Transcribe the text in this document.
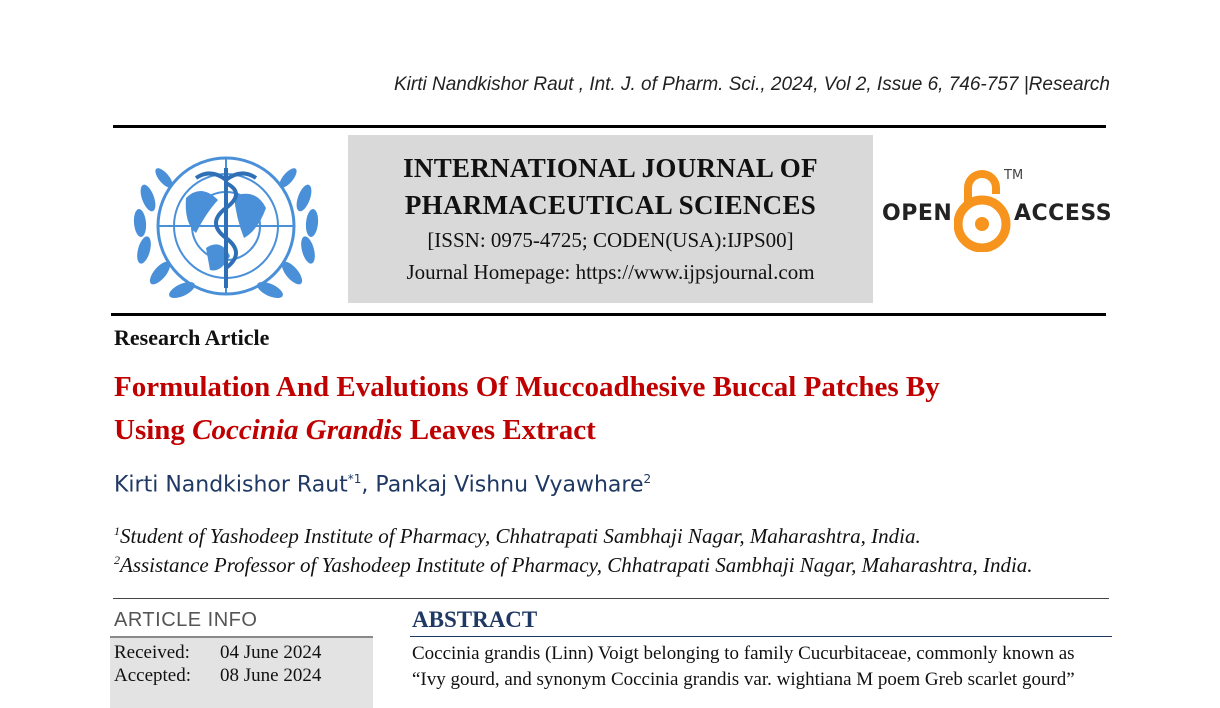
Kirti Nandkishor Raut , Int. J. of Pharm. Sci., 2024, Vol 2, Issue 6, 746-757 |Research
INTERNATIONAL JOURNAL OF
PHARMACEUTICAL SCIENCES
[ISSN: 0975-4725; CODEN(USA):IJPS00]
Journal Homepage: https://www.ijpsjournal.com
OPEN
TM
ACCESS
Research Article
Formulation And Evalutions Of Muccoadhesive Buccal Patches By
Using Coccinia Grandis Leaves Extract
Kirti Nandkishor Raut$^{*1}$, Pankaj Vishnu Vyawhare$^2$
$^1$Student of Yashodeep Institute of Pharmacy, Chhatrapati Sambhaji Nagar, Maharashtra, India.
$^2$Assistance Professor of Yashodeep Institute of Pharmacy, Chhatrapati Sambhaji Nagar, Maharashtra, India.
ARTICLE INFO
Received: 04 June 2024
Accepted: 08 June 2024
ABSTRACT
Coccinia grandis (Linn) Voigt belonging to family Cucurbitaceae, commonly known as
“Ivy gourd, and synonym Coccinia grandis var. wightiana M poem Greb scarlet gourd”
